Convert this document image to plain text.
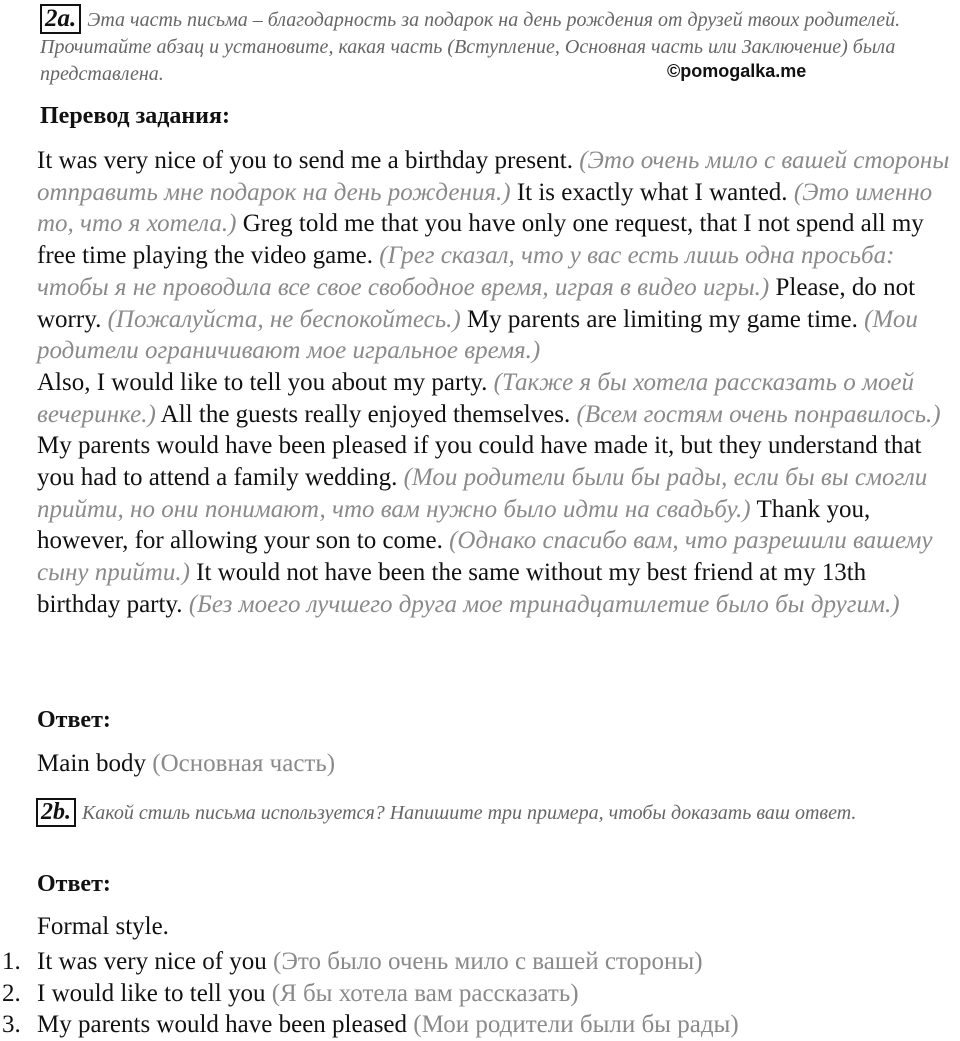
2a. Эта часть письма – благодарность за подарок на день рождения от друзей твоих родителей. Прочитайте абзац и установите, какая часть (Вступление, Основная часть или Заключение) была представлена.	©pomogalka.me
Перевод задания:

It was very nice of you to send me a birthday present. (Это очень мило с вашей стороны отправить мне подарок на день рождения.) It is exactly what I wanted. (Это именно то, что я хотела.) Greg told me that you have only one request, that I not spend all my free time playing the video game. (Грег сказал, что у вас есть лишь одна просьба: чтобы я не проводила все свое свободное время, играя в видео игры.) Please, do not worry. (Пожалуйста, не беспокойтесь.) My parents are limiting my game time. (Мои родители ограничивают мое игральное время.)

Also, I would like to tell you about my party. (Также я бы хотела рассказать о моей вечеринке.) All the guests really enjoyed themselves. (Всем гостям очень понравилось.) My parents would have been pleased if you could have made it, but they understand that you had to attend a family wedding. (Мои родители были бы рады, если бы вы смогли прийти, но они понимают, что вам нужно было идти на свадьбу.) Thank you, however, for allowing your son to come. (Однако спасибо вам, что разрешили вашему сыну прийти.) It would not have been the same without my best friend at my 13th birthday party. (Без моего лучшего друга мое тринадцатилетие было бы другим.)

Ответ:
Main body (Основная часть)
2b. Какой стиль письма используется? Напишите три примера, чтобы доказать ваш ответ.
Ответ:
Formal style.
1. It was very nice of you (Это было очень мило с вашей стороны)
2. I would like to tell you (Я бы хотела вам рассказать)
3. My parents would have been pleased (Мои родители были бы рады)
